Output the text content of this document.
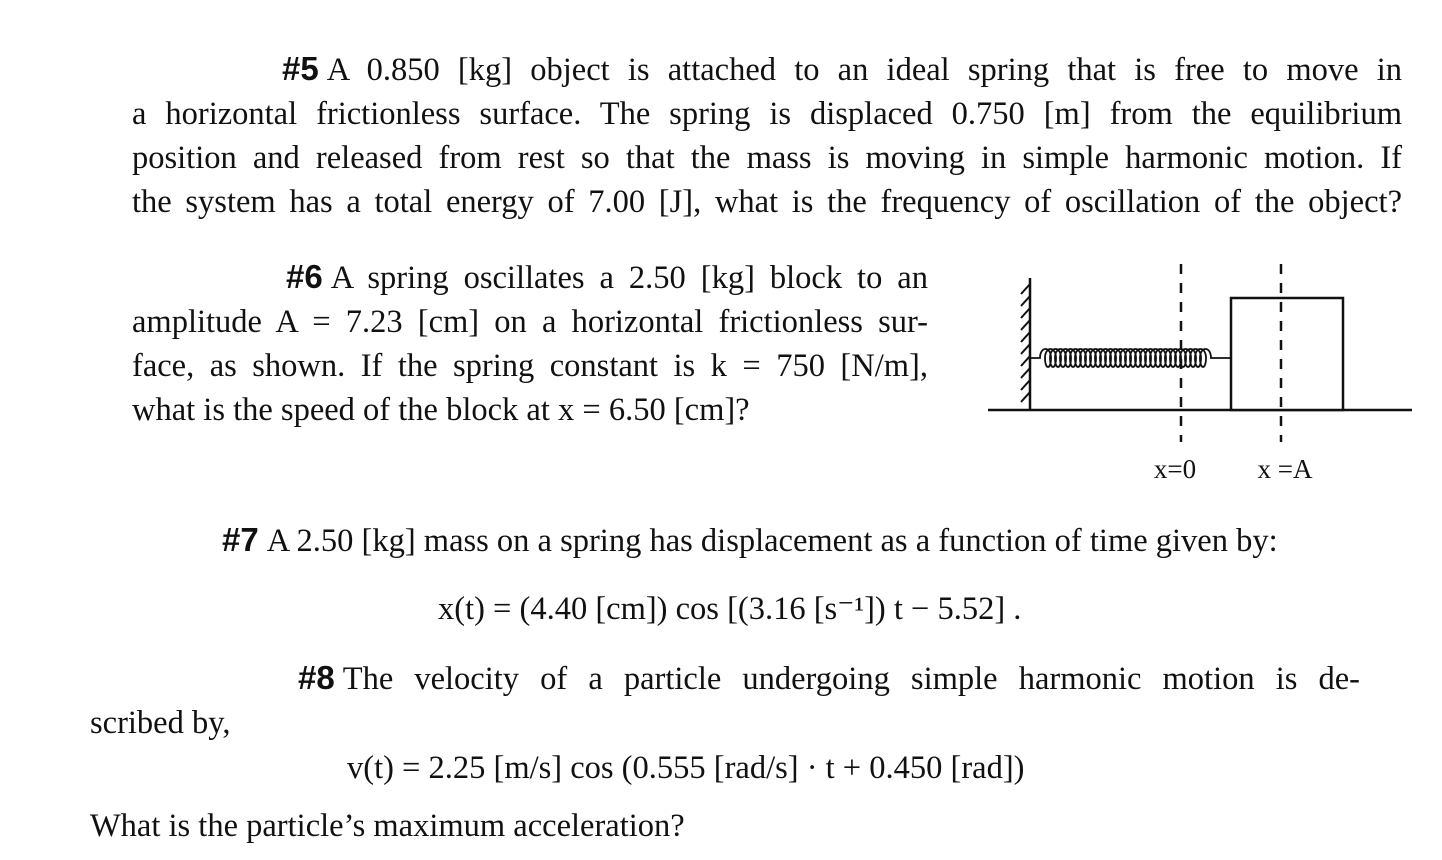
#5 A 0.850 [kg] object is attached to an ideal spring that is free to move in
a horizontal frictionless surface. The spring is displaced 0.750 [m] from the equilibrium
position and released from rest so that the mass is moving in simple harmonic motion. If
the system has a total energy of 7.00 [J], what is the frequency of oscillation of the object?
#6 A spring oscillates a 2.50 [kg] block to an
amplitude A = 7.23 [cm] on a horizontal frictionless sur-
face, as shown. If the spring constant is k = 750 [N/m],
what is the speed of the block at x = 6.50 [cm]?
x=0 x =A
#7 A 2.50 [kg] mass on a spring has displacement as a function of time given by:
x(t) = (4.40 [cm]) cos [(3.16 [s⁻¹]) t − 5.52] .
#8 The velocity of a particle undergoing simple harmonic motion is de-
scribed by,
v(t) = 2.25 [m/s] cos (0.555 [rad/s] · t + 0.450 [rad])
What is the particle’s maximum acceleration?
